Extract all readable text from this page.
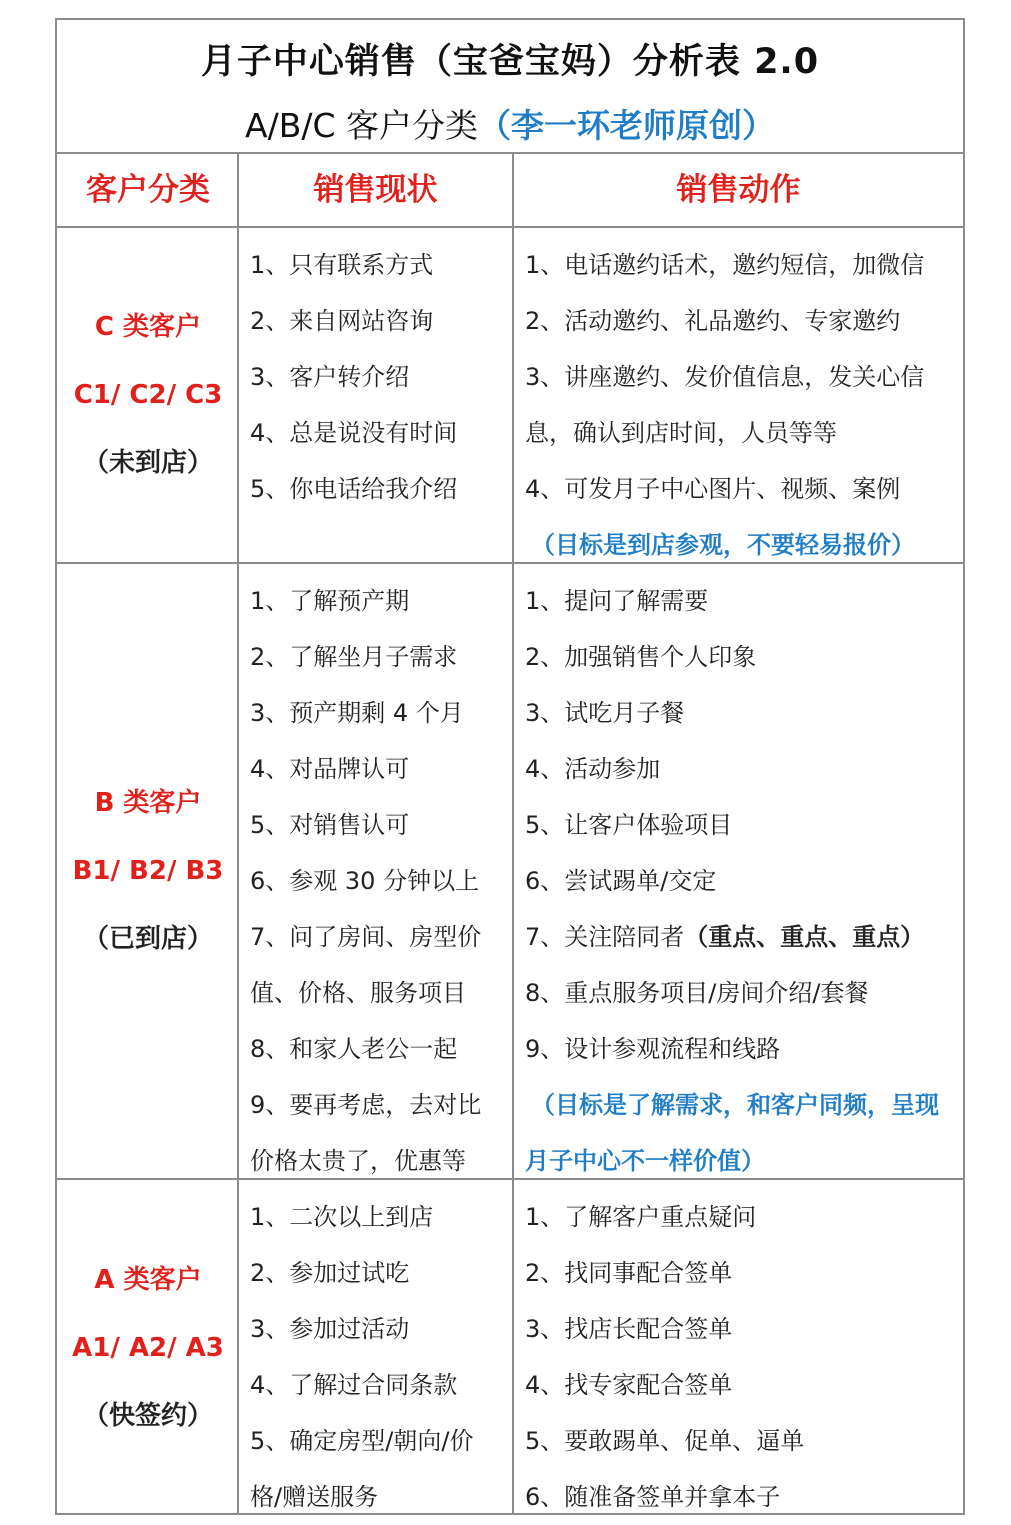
月子中心销售（宝爸宝妈）分析表 2.0
A/B/C 客户分类（李一环老师原创）
客户分类	销售现状	销售动作
C 类客户
C1/ C2/ C3
（未到店）
1、只有联系方式
2、来自网站咨询
3、客户转介绍
4、总是说没有时间
5、你电话给我介绍
1、电话邀约话术，邀约短信，加微信
2、活动邀约、礼品邀约、专家邀约
3、讲座邀约、发价值信息，发关心信
息，确认到店时间，人员等等
4、可发月子中心图片、视频、案例
（目标是到店参观，不要轻易报价）
B 类客户
B1/ B2/ B3
（已到店）
1、了解预产期
2、了解坐月子需求
3、预产期剩 4 个月
4、对品牌认可
5、对销售认可
6、参观 30 分钟以上
7、问了房间、房型价
值、价格、服务项目
8、和家人老公一起
9、要再考虑，去对比
价格太贵了，优惠等
1、提问了解需要
2、加强销售个人印象
3、试吃月子餐
4、活动参加
5、让客户体验项目
6、尝试踢单/交定
7、关注陪同者（重点、重点、重点）
8、重点服务项目/房间介绍/套餐
9、设计参观流程和线路
（目标是了解需求，和客户同频，呈现
月子中心不一样价值）
A 类客户
A1/ A2/ A3
（快签约）
1、二次以上到店
2、参加过试吃
3、参加过活动
4、了解过合同条款
5、确定房型/朝向/价
格/赠送服务
1、了解客户重点疑问
2、找同事配合签单
3、找店长配合签单
4、找专家配合签单
5、要敢踢单、促单、逼单
6、随准备签单并拿本子
